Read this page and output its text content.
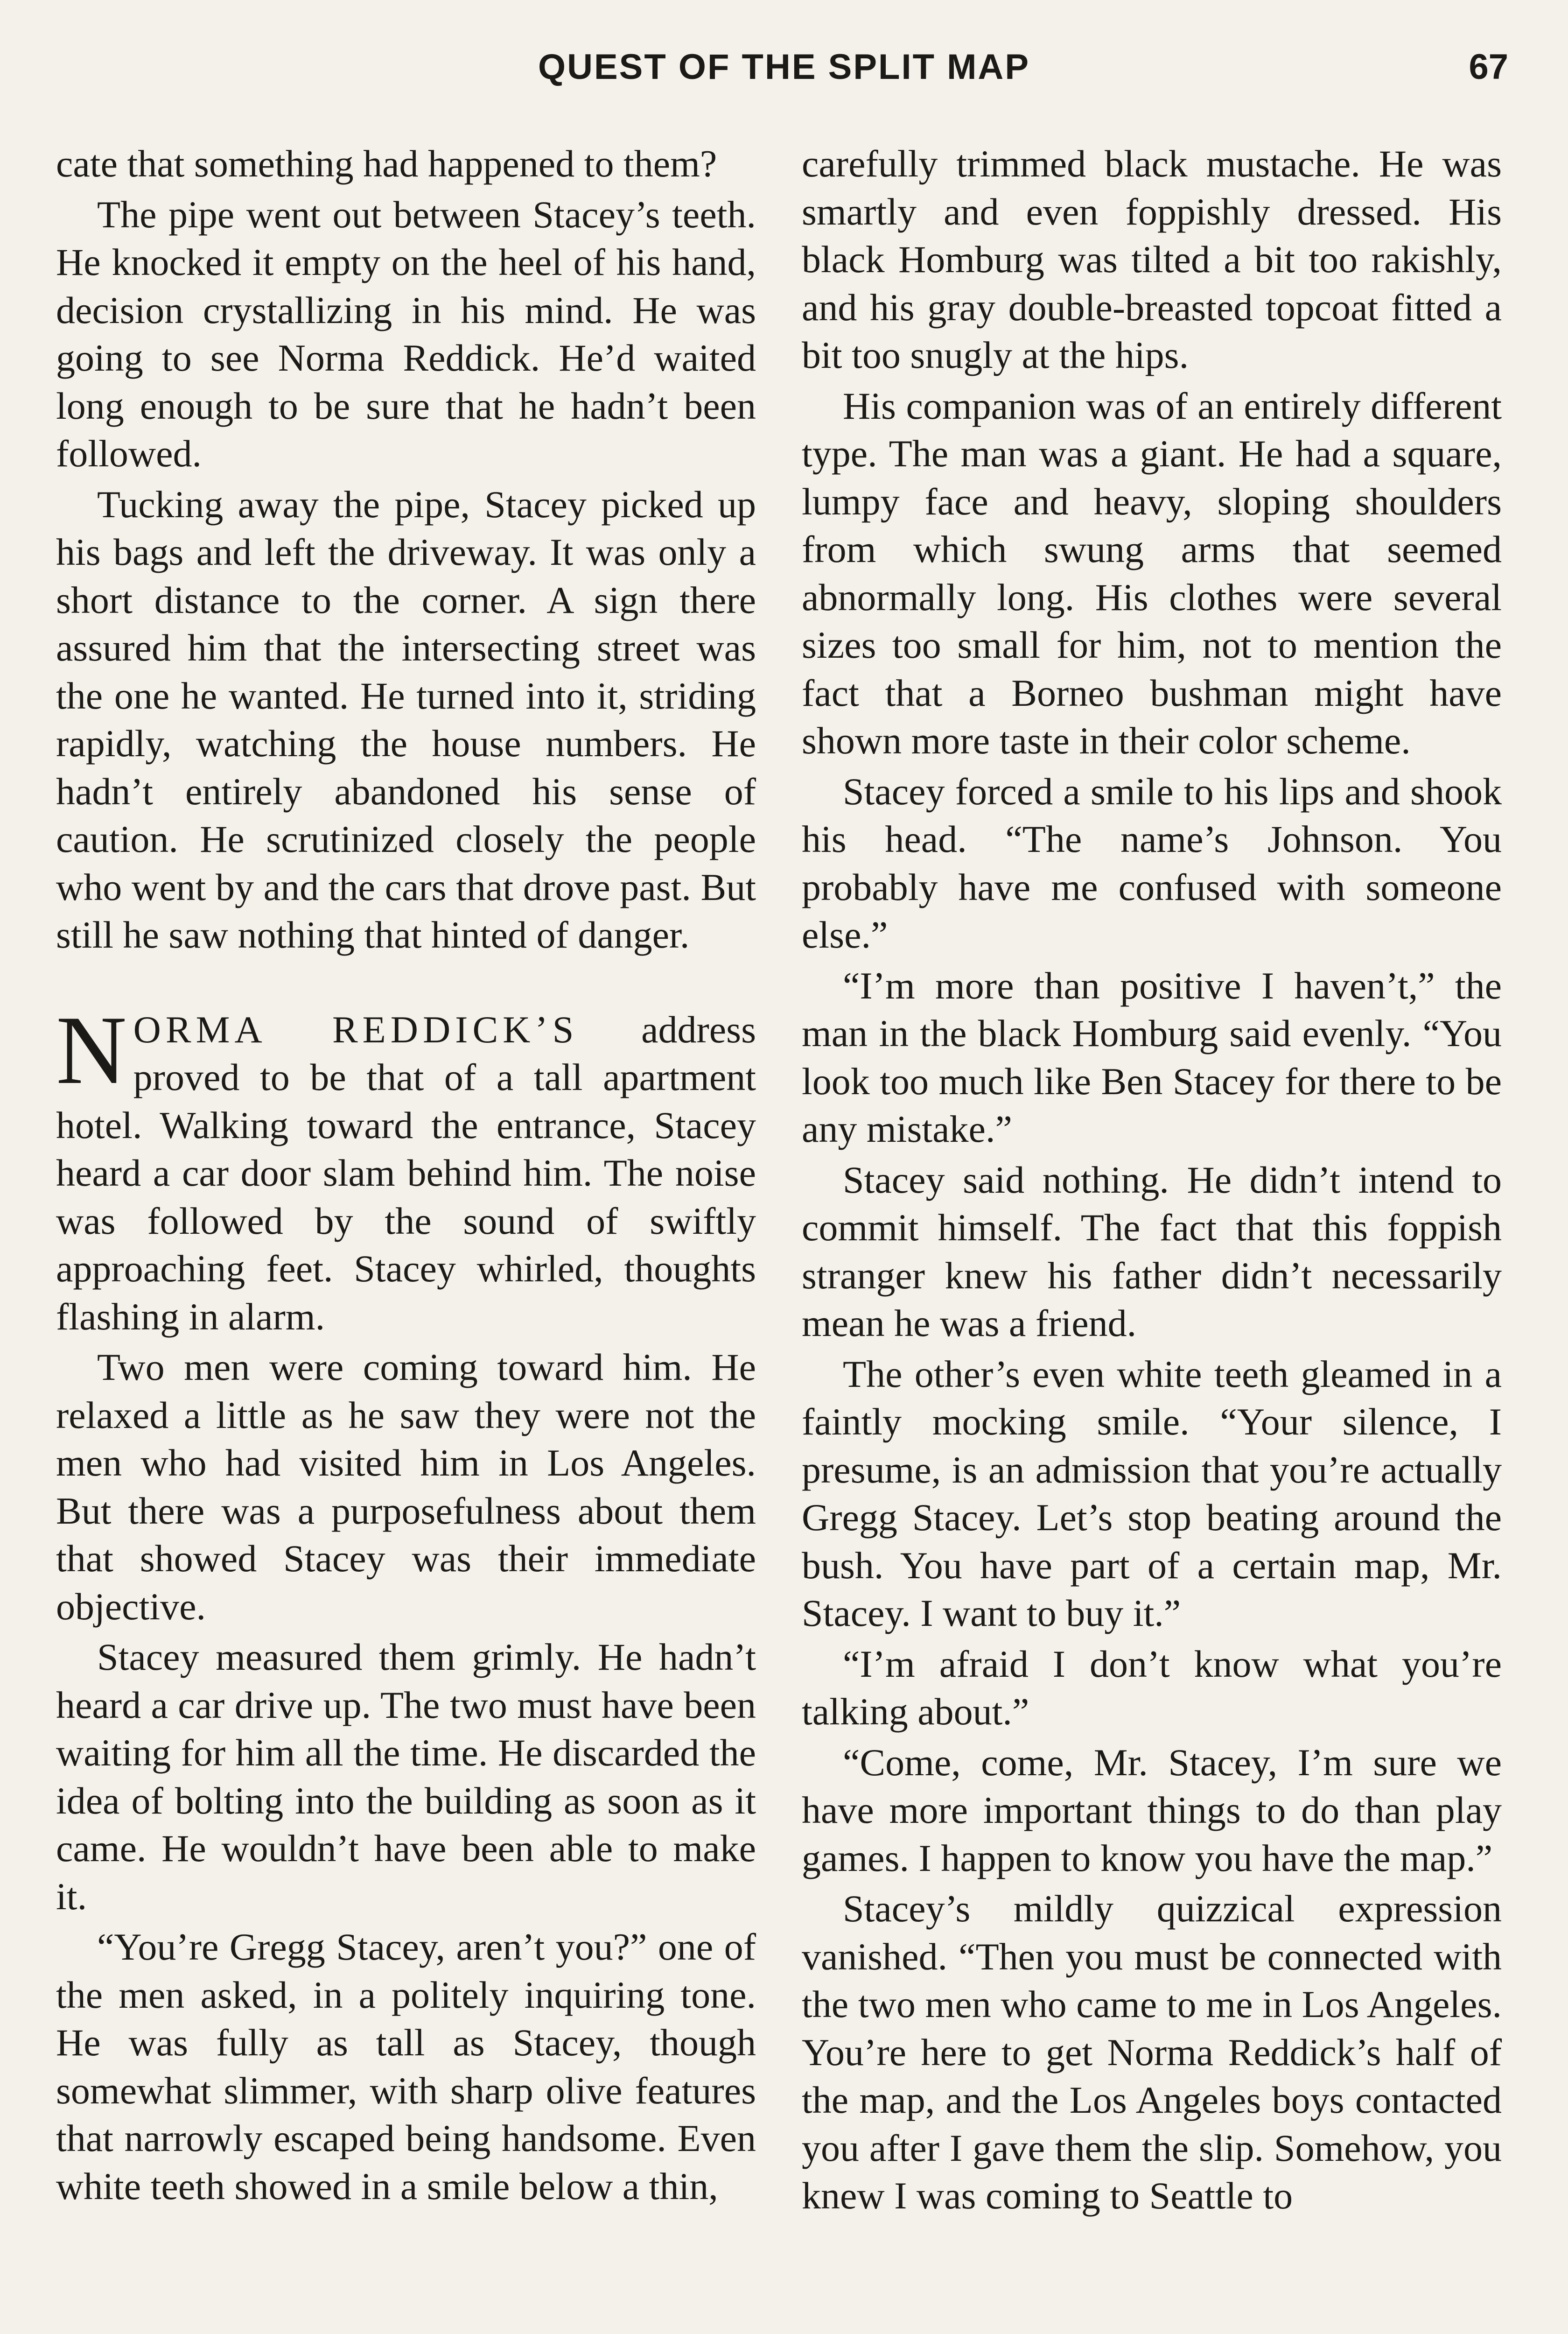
QUEST OF THE SPLIT MAP	67

cate that something had happened to them?

The pipe went out between Stacey’s teeth. He knocked it empty on the heel of his hand, decision crystallizing in his mind. He was going to see Norma Reddick. He’d waited long enough to be sure that he hadn’t been followed.

Tucking away the pipe, Stacey picked up his bags and left the driveway. It was only a short distance to the corner. A sign there assured him that the intersecting street was the one he wanted. He turned into it, striding rapidly, watching the house numbers. He hadn’t entirely abandoned his sense of caution. He scrutinized closely the people who went by and the cars that drove past. But still he saw nothing that hinted of danger.

NORMA REDDICK’S address proved to be that of a tall apartment hotel. Walking toward the entrance, Stacey heard a car door slam behind him. The noise was followed by the sound of swiftly approaching feet. Stacey whirled, thoughts flashing in alarm.

Two men were coming toward him. He relaxed a little as he saw they were not the men who had visited him in Los Angeles. But there was a purposefulness about them that showed Stacey was their immediate objective.

Stacey measured them grimly. He hadn’t heard a car drive up. The two must have been waiting for him all the time. He discarded the idea of bolting into the building as soon as it came. He wouldn’t have been able to make it.

“You’re Gregg Stacey, aren’t you?” one of the men asked, in a politely inquiring tone. He was fully as tall as Stacey, though somewhat slimmer, with sharp olive features that narrowly escaped being handsome. Even white teeth showed in a smile below a thin,

carefully trimmed black mustache. He was smartly and even foppishly dressed. His black Homburg was tilted a bit too rakishly, and his gray double-breasted topcoat fitted a bit too snugly at the hips.

His companion was of an entirely different type. The man was a giant. He had a square, lumpy face and heavy, sloping shoulders from which swung arms that seemed abnormally long. His clothes were several sizes too small for him, not to mention the fact that a Borneo bushman might have shown more taste in their color scheme.

Stacey forced a smile to his lips and shook his head. “The name’s Johnson. You probably have me confused with someone else.”

“I’m more than positive I haven’t,” the man in the black Homburg said evenly. “You look too much like Ben Stacey for there to be any mistake.”

Stacey said nothing. He didn’t intend to commit himself. The fact that this foppish stranger knew his father didn’t necessarily mean he was a friend.

The other’s even white teeth gleamed in a faintly mocking smile. “Your silence, I presume, is an admission that you’re actually Gregg Stacey. Let’s stop beating around the bush. You have part of a certain map, Mr. Stacey. I want to buy it.”

“I’m afraid I don’t know what you’re talking about.”

“Come, come, Mr. Stacey, I’m sure we have more important things to do than play games. I happen to know you have the map.”

Stacey’s mildly quizzical expression vanished. “Then you must be connected with the two men who came to me in Los Angeles. You’re here to get Norma Reddick’s half of the map, and the Los Angeles boys contacted you after I gave them the slip. Somehow, you knew I was coming to Seattle to
